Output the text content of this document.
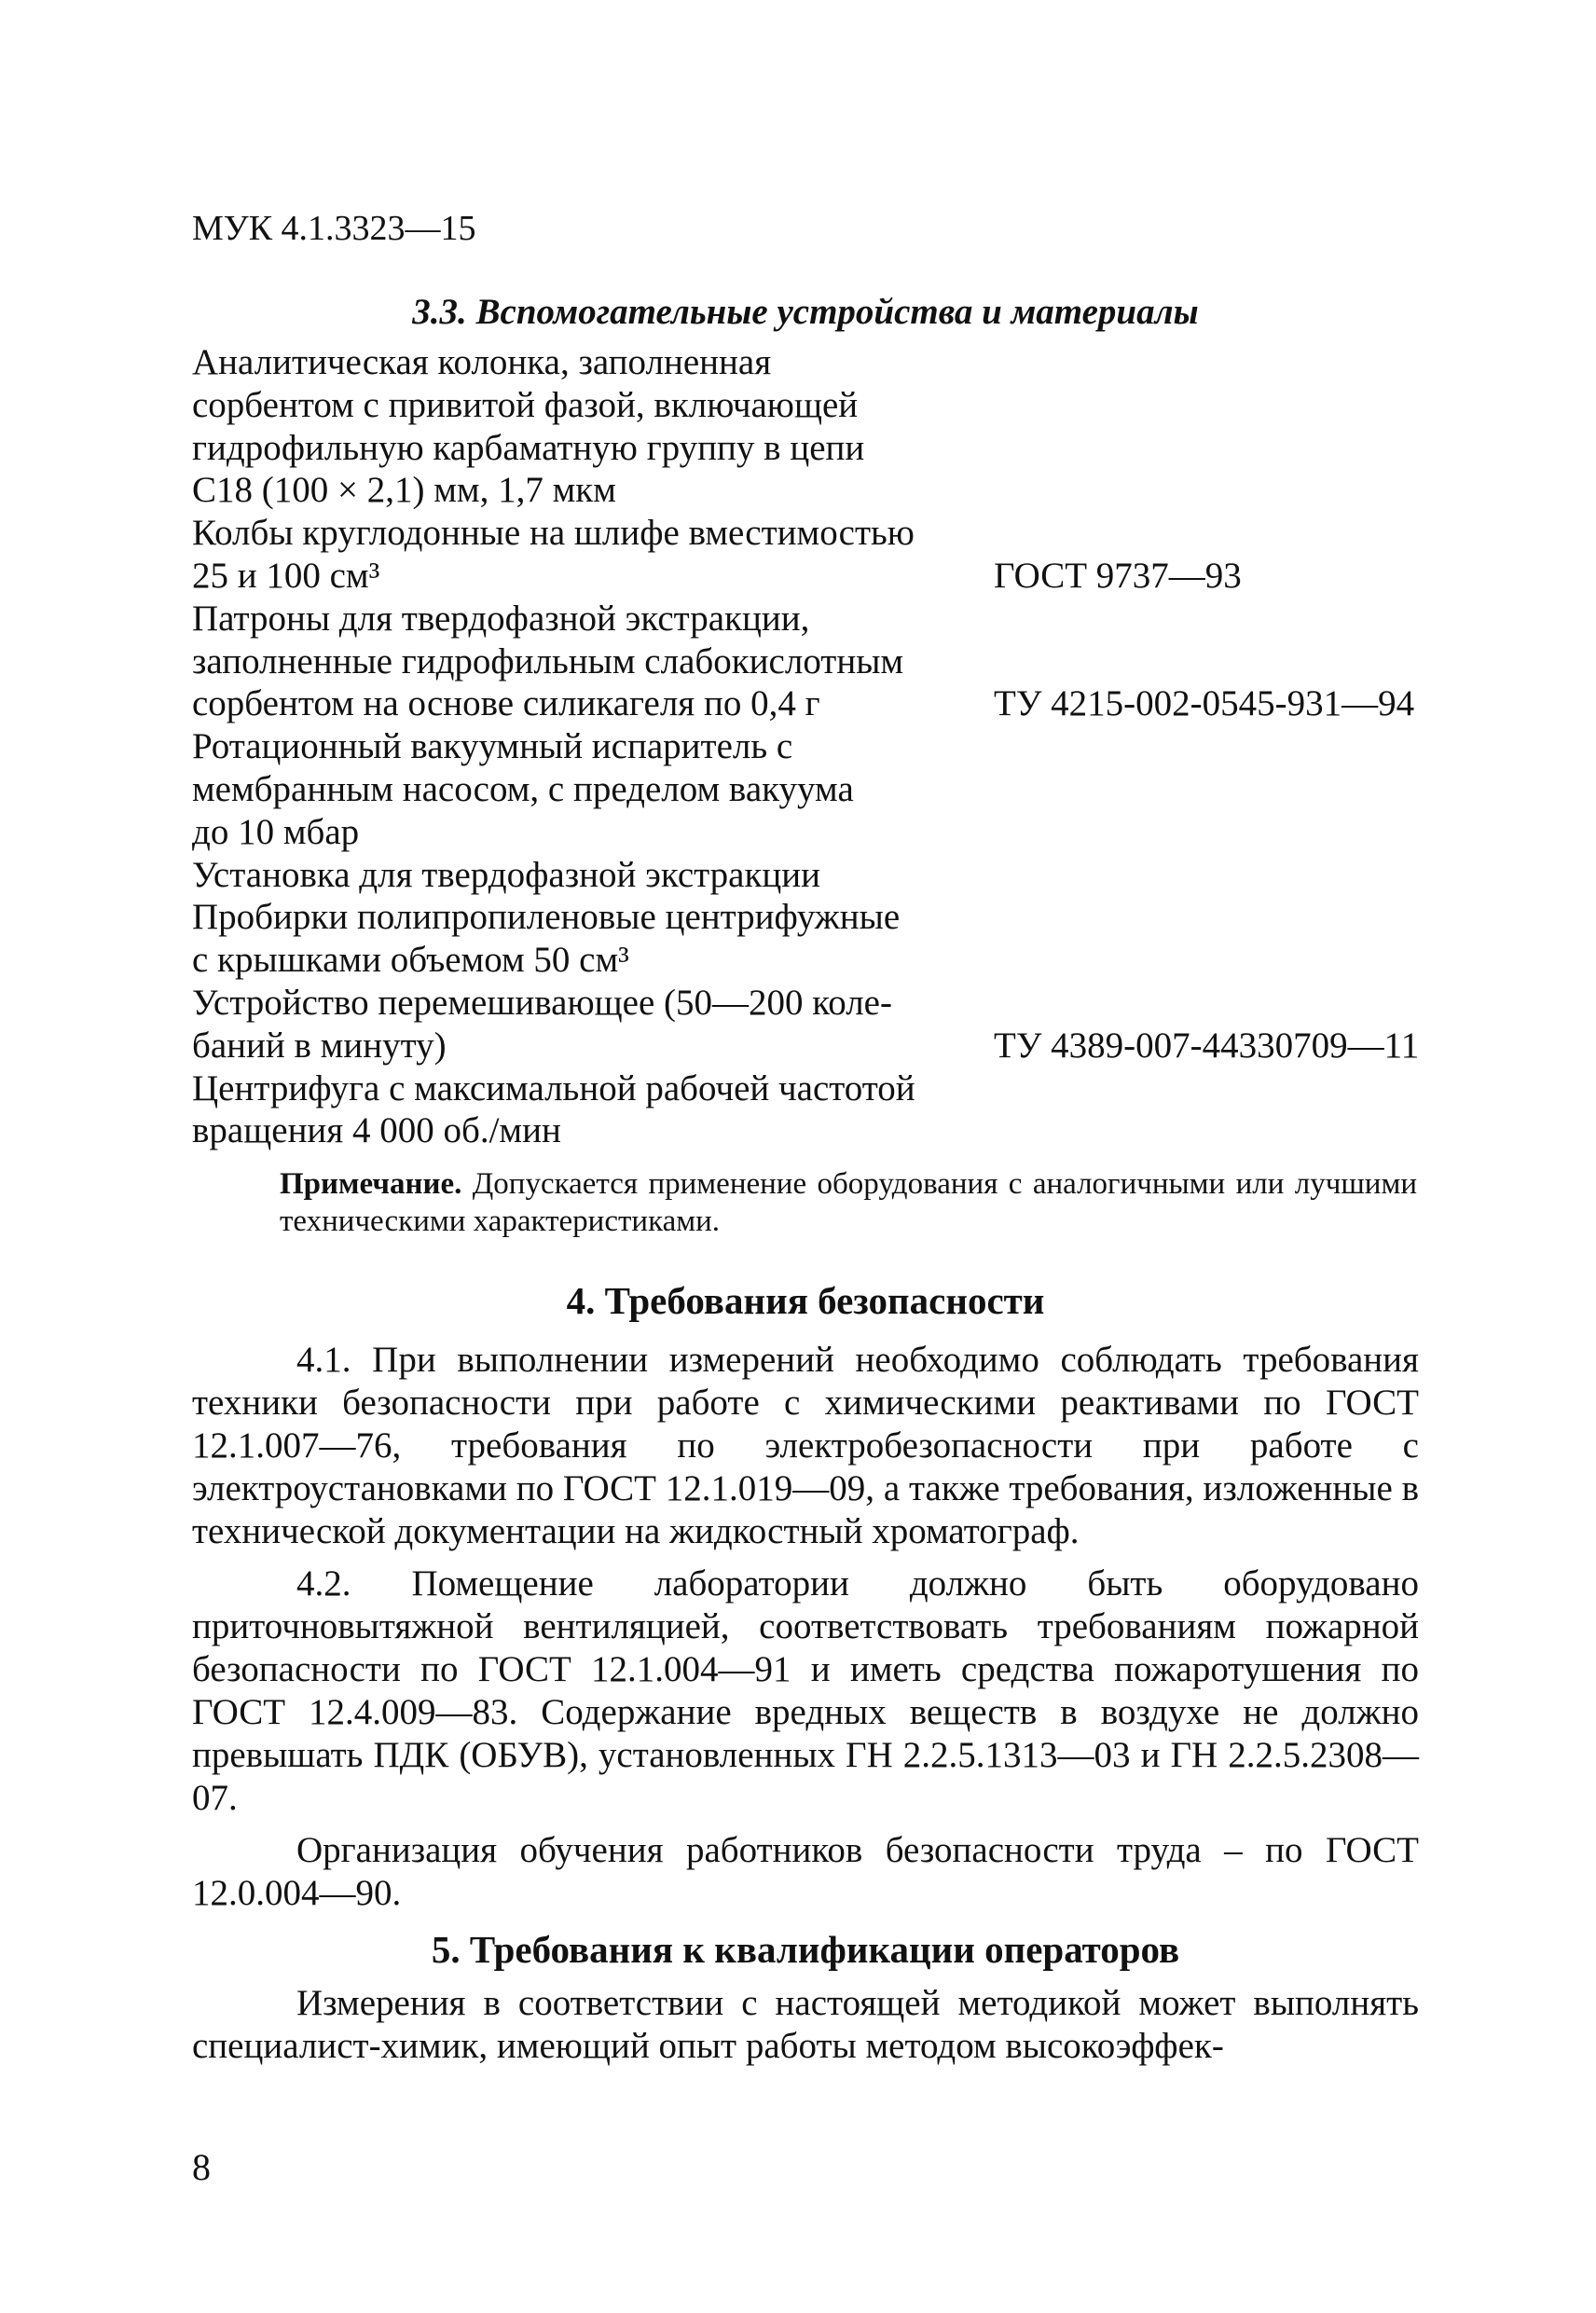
МУК 4.1.3323—15
3.3. Вспомогательные устройства и материалы
Аналитическая колонка, заполненная
сорбентом с привитой фазой, включающей
гидрофильную карбаматную группу в цепи
С18 (100 × 2,1) мм, 1,7 мкм
Колбы круглодонные на шлифе вместимостью
25 и 100 см³	ГОСТ 9737—93
Патроны для твердофазной экстракции,
заполненные гидрофильным слабокислотным
сорбентом на основе силикагеля по 0,4 г	ТУ 4215-002-0545-931—94
Ротационный вакуумный испаритель с
мембранным насосом, с пределом вакуума
до 10 мбар
Установка для твердофазной экстракции
Пробирки полипропиленовые центрифужные
с крышками объемом 50 см³
Устройство перемешивающее (50—200 коле-
баний в минуту)	ТУ 4389-007-44330709—11
Центрифуга с максимальной рабочей частотой
вращения 4 000 об./мин
Примечание. Допускается применение оборудования с аналогичными или лучшими техническими характеристиками.
4. Требования безопасности

4.1. При выполнении измерений необходимо соблюдать требования техники безопасности при работе с химическими реактивами по ГОСТ 12.1.007—76, требования по электробезопасности при работе с электроустановками по ГОСТ 12.1.019—09, а также требования, изложенные в технической документации на жидкостный хроматограф.

4.2. Помещение лаборатории должно быть оборудовано приточновытяжной вентиляцией, соответствовать требованиям пожарной безопасности по ГОСТ 12.1.004—91 и иметь средства пожаротушения по ГОСТ 12.4.009—83. Содержание вредных веществ в воздухе не должно превышать ПДК (ОБУВ), установленных ГН 2.2.5.1313—03 и ГН 2.2.5.2308—07.

Организация обучения работников безопасности труда – по ГОСТ 12.0.004—90.

5. Требования к квалификации операторов

Измерения в соответствии с настоящей методикой может выполнять специалист-химик, имеющий опыт работы методом высокоэффек-

8
